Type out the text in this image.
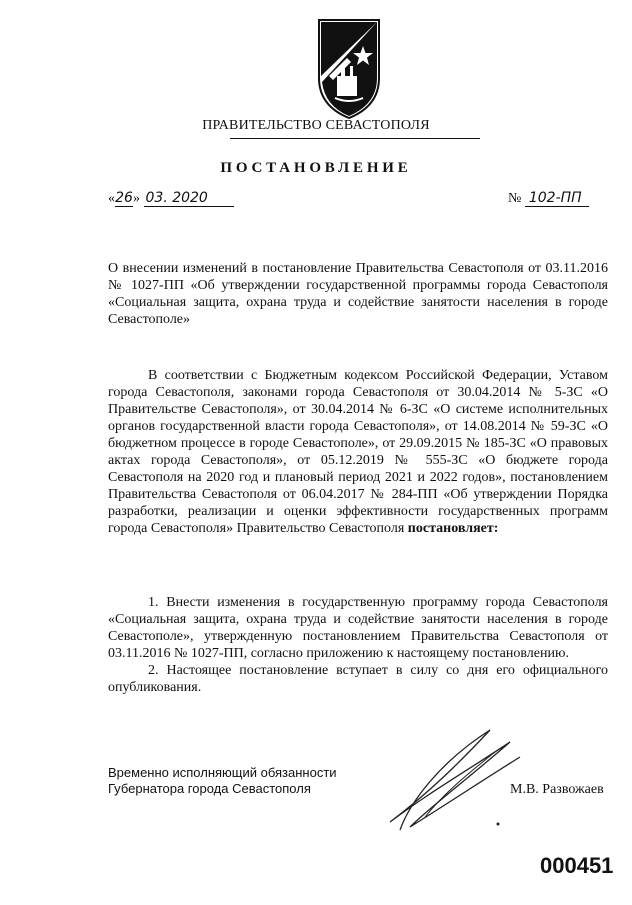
ПРАВИТЕЛЬСТВО СЕВАСТОПОЛЯ
ПОСТАНОВЛЕНИЕ
«26» 03. 2020	№ 102-ПП
О внесении изменений в постановление Правительства Севастополя от 03.11.2016 № 1027-ПП «Об утверждении государственной программы города Севастополя «Социальная защита, охрана труда и содействие занятости населения в городе Севастополе»
В соответствии с Бюджетным кодексом Российской Федерации, Уставом города Севастополя, законами города Севастополя от 30.04.2014 № 5-ЗС «О Правительстве Севастополя», от 30.04.2014 № 6-ЗС «О системе исполнительных органов государственной власти города Севастополя», от 14.08.2014 № 59-ЗС «О бюджетном процессе в городе Севастополе», от 29.09.2015 № 185-ЗС «О правовых актах города Севастополя», от 05.12.2019 № 555-ЗС «О бюджете города Севастополя на 2020 год и плановый период 2021 и 2022 годов», постановлением Правительства Севастополя от 06.04.2017 № 284-ПП «Об утверждении Порядка разработки, реализации и оценки эффективности государственных программ города Севастополя» Правительство Севастополя постановляет:

1. Внести изменения в государственную программу города Севастополя «Социальная защита, охрана труда и содействие занятости населения в городе Севастополе», утвержденную постановлением Правительства Севастополя от 03.11.2016 № 1027-ПП, согласно приложению к настоящему постановлению.

2. Настоящее постановление вступает в силу со дня его официального опубликования.

Временно исполняющий обязанности
Губернатора города Севастополя	М.В. Развожаев
000451
